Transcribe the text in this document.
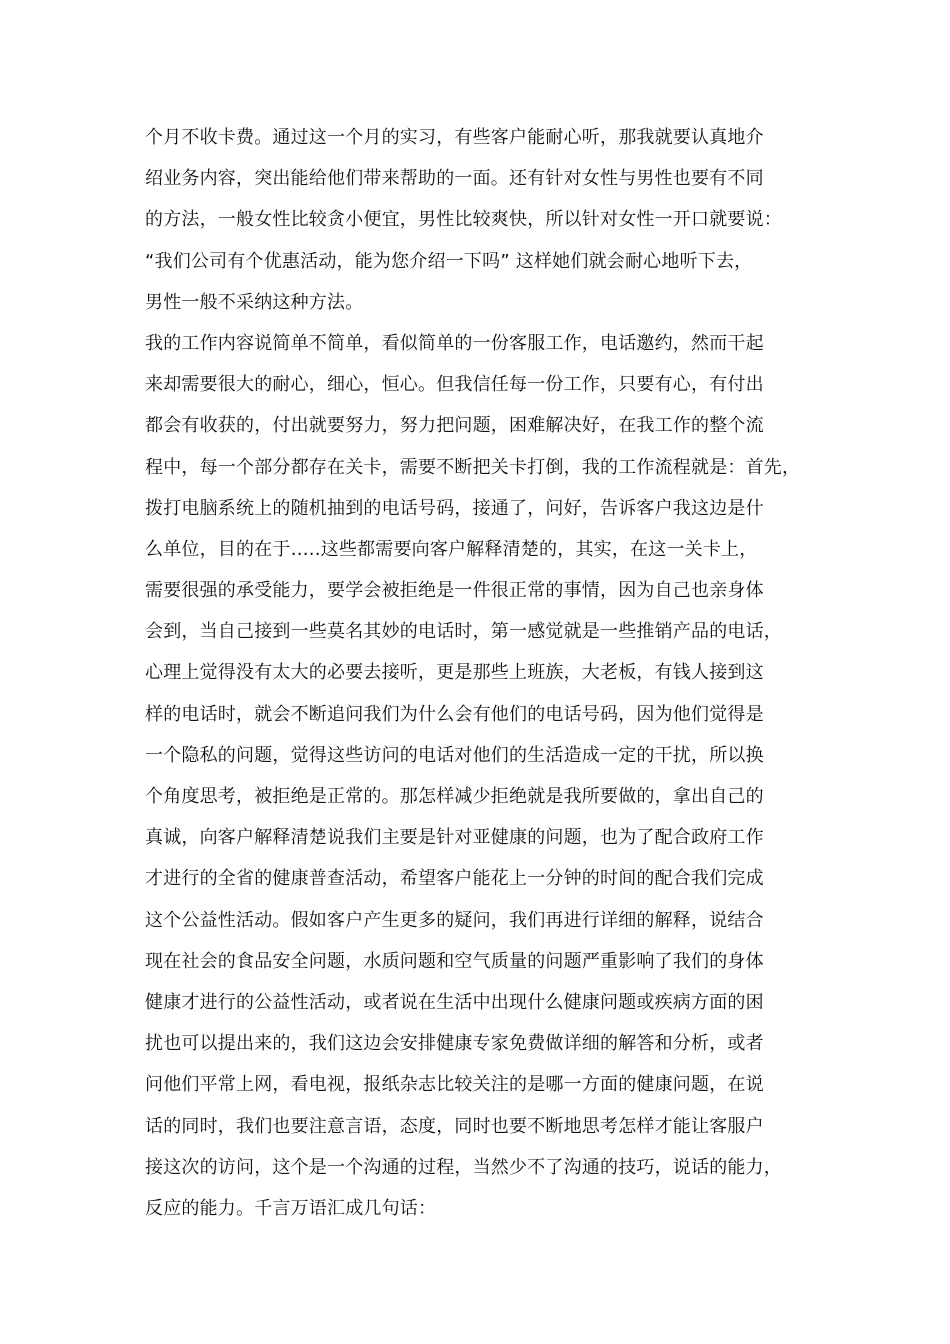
个月不收卡费。通过这一个月的实习，有些客户能耐心听，那我就要认真地介
绍业务内容，突出能给他们带来帮助的一面。还有针对女性与男性也要有不同
的方法，一般女性比较贪小便宜，男性比较爽快，所以针对女性一开口就要说：
“我们公司有个优惠活动，能为您介绍一下吗” 这样她们就会耐心地听下去，
男性一般不采纳这种方法。
我的工作内容说简单不简单，看似简单的一份客服工作，电话邀约，然而干起
来却需要很大的耐心，细心，恒心。但我信任每一份工作，只要有心，有付出
都会有收获的，付出就要努力，努力把问题，困难解决好，在我工作的整个流
程中，每一个部分都存在关卡，需要不断把关卡打倒，我的工作流程就是：首先，
拨打电脑系统上的随机抽到的电话号码，接通了，问好，告诉客户我这边是什
么单位，目的在于…..这些都需要向客户解释清楚的，其实，在这一关卡上，
需要很强的承受能力，要学会被拒绝是一件很正常的事情，因为自己也亲身体
会到，当自己接到一些莫名其妙的电话时，第一感觉就是一些推销产品的电话，
心理上觉得没有太大的必要去接听，更是那些上班族，大老板，有钱人接到这
样的电话时，就会不断追问我们为什么会有他们的电话号码，因为他们觉得是
一个隐私的问题，觉得这些访问的电话对他们的生活造成一定的干扰，所以换
个角度思考，被拒绝是正常的。那怎样减少拒绝就是我所要做的，拿出自己的
真诚，向客户解释清楚说我们主要是针对亚健康的问题，也为了配合政府工作
才进行的全省的健康普查活动，希望客户能花上一分钟的时间的配合我们完成
这个公益性活动。假如客户产生更多的疑问，我们再进行详细的解释，说结合
现在社会的食品安全问题，水质问题和空气质量的问题严重影响了我们的身体
健康才进行的公益性活动，或者说在生活中出现什么健康问题或疾病方面的困
扰也可以提出来的，我们这边会安排健康专家免费做详细的解答和分析，或者
问他们平常上网，看电视，报纸杂志比较关注的是哪一方面的健康问题，在说
话的同时，我们也要注意言语，态度，同时也要不断地思考怎样才能让客服户
接这次的访问，这个是一个沟通的过程，当然少不了沟通的技巧，说话的能力，
反应的能力。千言万语汇成几句话：
